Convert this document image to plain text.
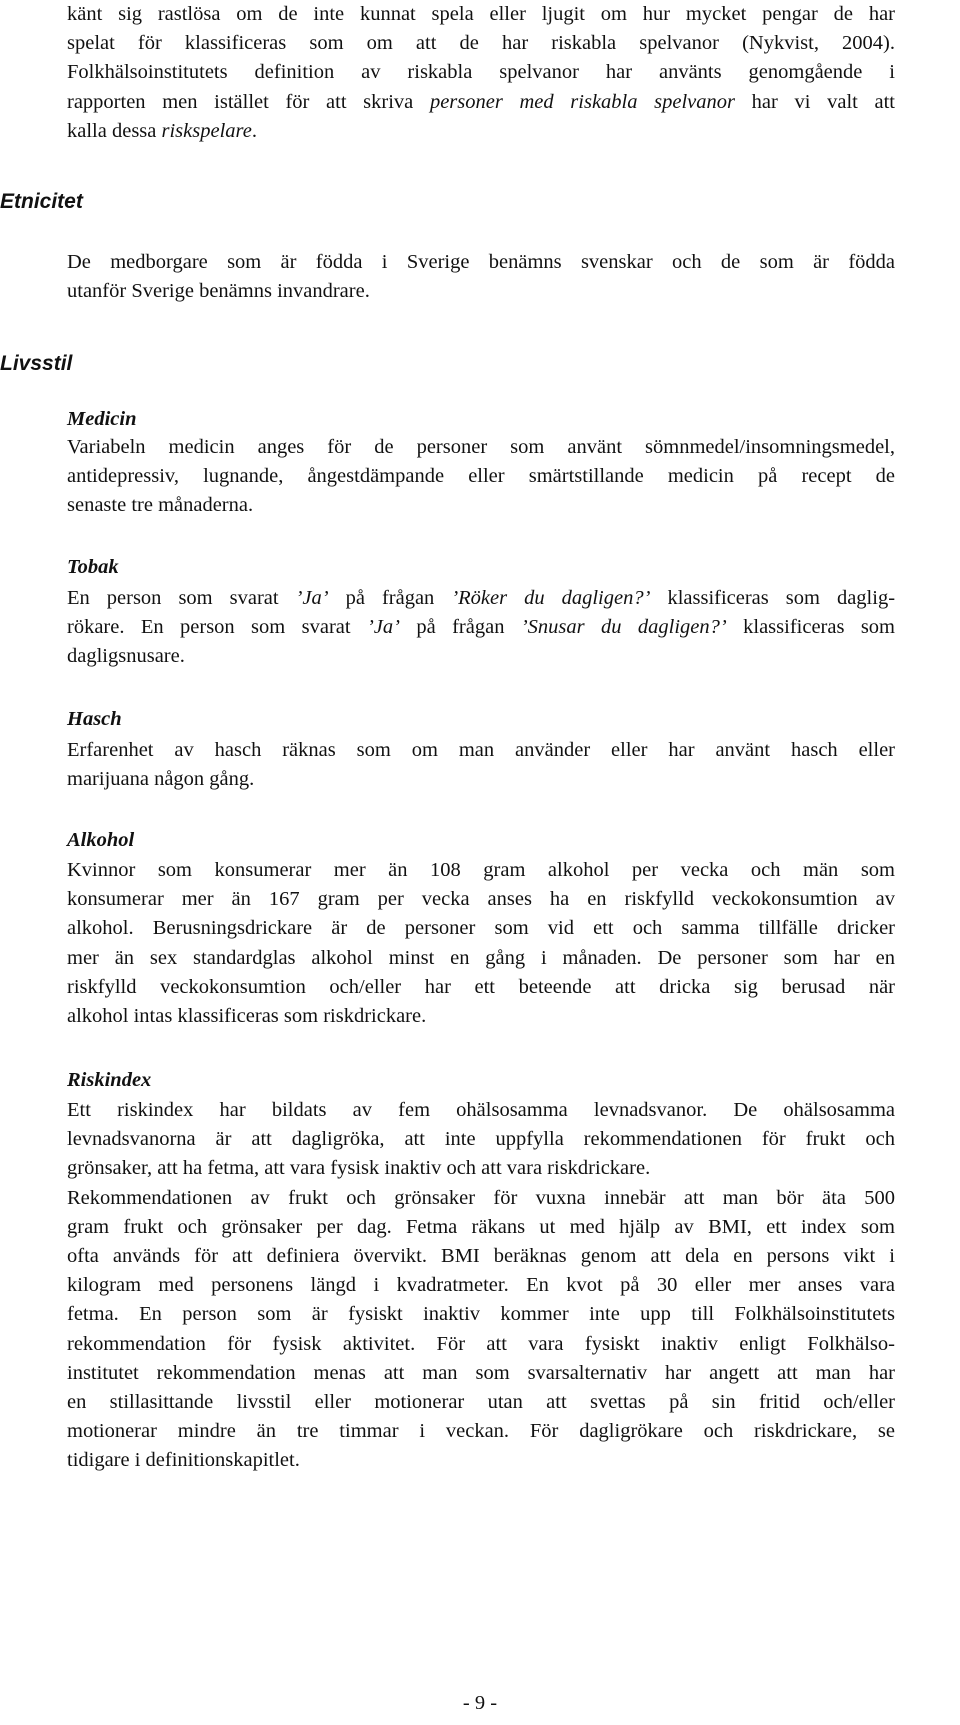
känt sig rastlösa om de inte kunnat spela eller ljugit om hur mycket pengar de har
spelat för klassificeras som om att de har riskabla spelvanor (Nykvist, 2004).
Folkhälsoinstitutets definition av riskabla spelvanor har använts genomgående i
rapporten men istället för att skriva personer med riskabla spelvanor har vi valt att
kalla dessa riskspelare.
Etnicitet
De medborgare som är födda i Sverige benämns svenskar och de som är födda
utanför Sverige benämns invandrare.
Livsstil
Medicin
Variabeln medicin anges för de personer som använt sömnmedel/insomningsmedel,
antidepressiv, lugnande, ångestdämpande eller smärtstillande medicin på recept de
senaste tre månaderna.
Tobak
En person som svarat ’Ja’ på frågan ’Röker du dagligen?’ klassificeras som daglig-
rökare. En person som svarat ’Ja’ på frågan ’Snusar du dagligen?’ klassificeras som
dagligsnusare.
Hasch
Erfarenhet av hasch räknas som om man använder eller har använt hasch eller
marijuana någon gång.
Alkohol
Kvinnor som konsumerar mer än 108 gram alkohol per vecka och män som
konsumerar mer än 167 gram per vecka anses ha en riskfylld veckokonsumtion av
alkohol. Berusningsdrickare är de personer som vid ett och samma tillfälle dricker
mer än sex standardglas alkohol minst en gång i månaden. De personer som har en
riskfylld veckokonsumtion och/eller har ett beteende att dricka sig berusad när
alkohol intas klassificeras som riskdrickare.
Riskindex
Ett riskindex har bildats av fem ohälsosamma levnadsvanor. De ohälsosamma
levnadsvanorna är att dagligröka, att inte uppfylla rekommendationen för frukt och
grönsaker, att ha fetma, att vara fysisk inaktiv och att vara riskdrickare.
Rekommendationen av frukt och grönsaker för vuxna innebär att man bör äta 500
gram frukt och grönsaker per dag. Fetma räkans ut med hjälp av BMI, ett index som
ofta används för att definiera övervikt. BMI beräknas genom att dela en persons vikt i
kilogram med personens längd i kvadratmeter. En kvot på 30 eller mer anses vara
fetma. En person som är fysiskt inaktiv kommer inte upp till Folkhälsoinstitutets
rekommendation för fysisk aktivitet. För att vara fysiskt inaktiv enligt Folkhälso-
institutet rekommendation menas att man som svarsalternativ har angett att man har
en stillasittande livsstil eller motionerar utan att svettas på sin fritid och/eller
motionerar mindre än tre timmar i veckan. För dagligrökare och riskdrickare, se
tidigare i definitionskapitlet.
- 9 -
